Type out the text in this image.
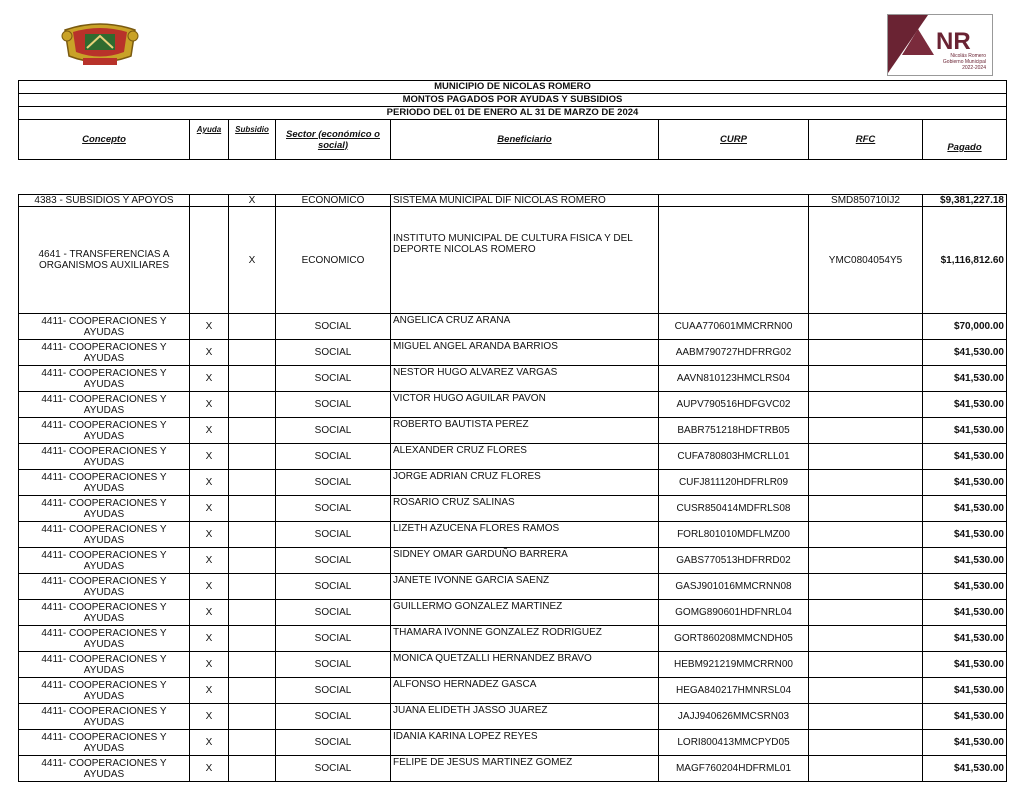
NR
Nicolás Romero
Gobierno Municipal
2022-2024
MUNICIPIO DE NICOLAS ROMERO
MONTOS PAGADOS POR AYUDAS Y SUBSIDIOS
PERIODO DEL 01 DE ENERO AL 31 DE MARZO DE 2024
Concepto	Ayuda	Subsidio	Sector (económico o social)	Beneficiario	CURP	RFC	Pagado
4383 - SUBSIDIOS Y APOYOS		X	ECONOMICO	SISTEMA MUNICIPAL DIF NICOLAS ROMERO		SMD850710IJ2	$9,381,227.18
4641 - TRANSFERENCIAS A ORGANISMOS AUXILIARES		X	ECONOMICO	INSTITUTO MUNICIPAL DE CULTURA FISICA Y DEL DEPORTE NICOLAS ROMERO		YMC0804054Y5	$1,116,812.60
4411- COOPERACIONES Y AYUDAS	X		SOCIAL	ANGELICA CRUZ ARANA	CUAA770601MMCRRN00		$70,000.00
4411- COOPERACIONES Y AYUDAS	X		SOCIAL	MIGUEL ANGEL ARANDA BARRIOS	AABM790727HDFRRG02		$41,530.00
4411- COOPERACIONES Y AYUDAS	X		SOCIAL	NESTOR HUGO ALVAREZ VARGAS	AAVN810123HMCLRS04		$41,530.00
4411- COOPERACIONES Y AYUDAS	X		SOCIAL	VICTOR HUGO AGUILAR PAVON	AUPV790516HDFGVC02		$41,530.00
4411- COOPERACIONES Y AYUDAS	X		SOCIAL	ROBERTO BAUTISTA PEREZ	BABR751218HDFTRB05		$41,530.00
4411- COOPERACIONES Y AYUDAS	X		SOCIAL	ALEXANDER CRUZ FLORES	CUFA780803HMCRLL01		$41,530.00
4411- COOPERACIONES Y AYUDAS	X		SOCIAL	JORGE ADRIAN CRUZ FLORES	CUFJ811120HDFRLR09		$41,530.00
4411- COOPERACIONES Y AYUDAS	X		SOCIAL	ROSARIO CRUZ SALINAS	CUSR850414MDFRLS08		$41,530.00
4411- COOPERACIONES Y AYUDAS	X		SOCIAL	LIZETH AZUCENA FLORES RAMOS	FORL801010MDFLMZ00		$41,530.00
4411- COOPERACIONES Y AYUDAS	X		SOCIAL	SIDNEY OMAR GARDUÑO BARRERA	GABS770513HDFRRD02		$41,530.00
4411- COOPERACIONES Y AYUDAS	X		SOCIAL	JANETE IVONNE GARCIA SAENZ	GASJ901016MMCRNN08		$41,530.00
4411- COOPERACIONES Y AYUDAS	X		SOCIAL	GUILLERMO GONZALEZ MARTINEZ	GOMG890601HDFNRL04		$41,530.00
4411- COOPERACIONES Y AYUDAS	X		SOCIAL	THAMARA IVONNE GONZALEZ RODRIGUEZ	GORT860208MMCNDH05		$41,530.00
4411- COOPERACIONES Y AYUDAS	X		SOCIAL	MONICA QUETZALLI HERNANDEZ BRAVO	HEBM921219MMCRRN00		$41,530.00
4411- COOPERACIONES Y AYUDAS	X		SOCIAL	ALFONSO HERNADEZ GASCA	HEGA840217HMNRSL04		$41,530.00
4411- COOPERACIONES Y AYUDAS	X		SOCIAL	JUANA ELIDETH JASSO JUAREZ	JAJJ940626MMCSRN03		$41,530.00
4411- COOPERACIONES Y AYUDAS	X		SOCIAL	IDANIA KARINA LOPEZ REYES	LORI800413MMCPYD05		$41,530.00
4411- COOPERACIONES Y AYUDAS	X		SOCIAL	FELIPE DE JESUS MARTINEZ GOMEZ	MAGF760204HDFRML01		$41,530.00
